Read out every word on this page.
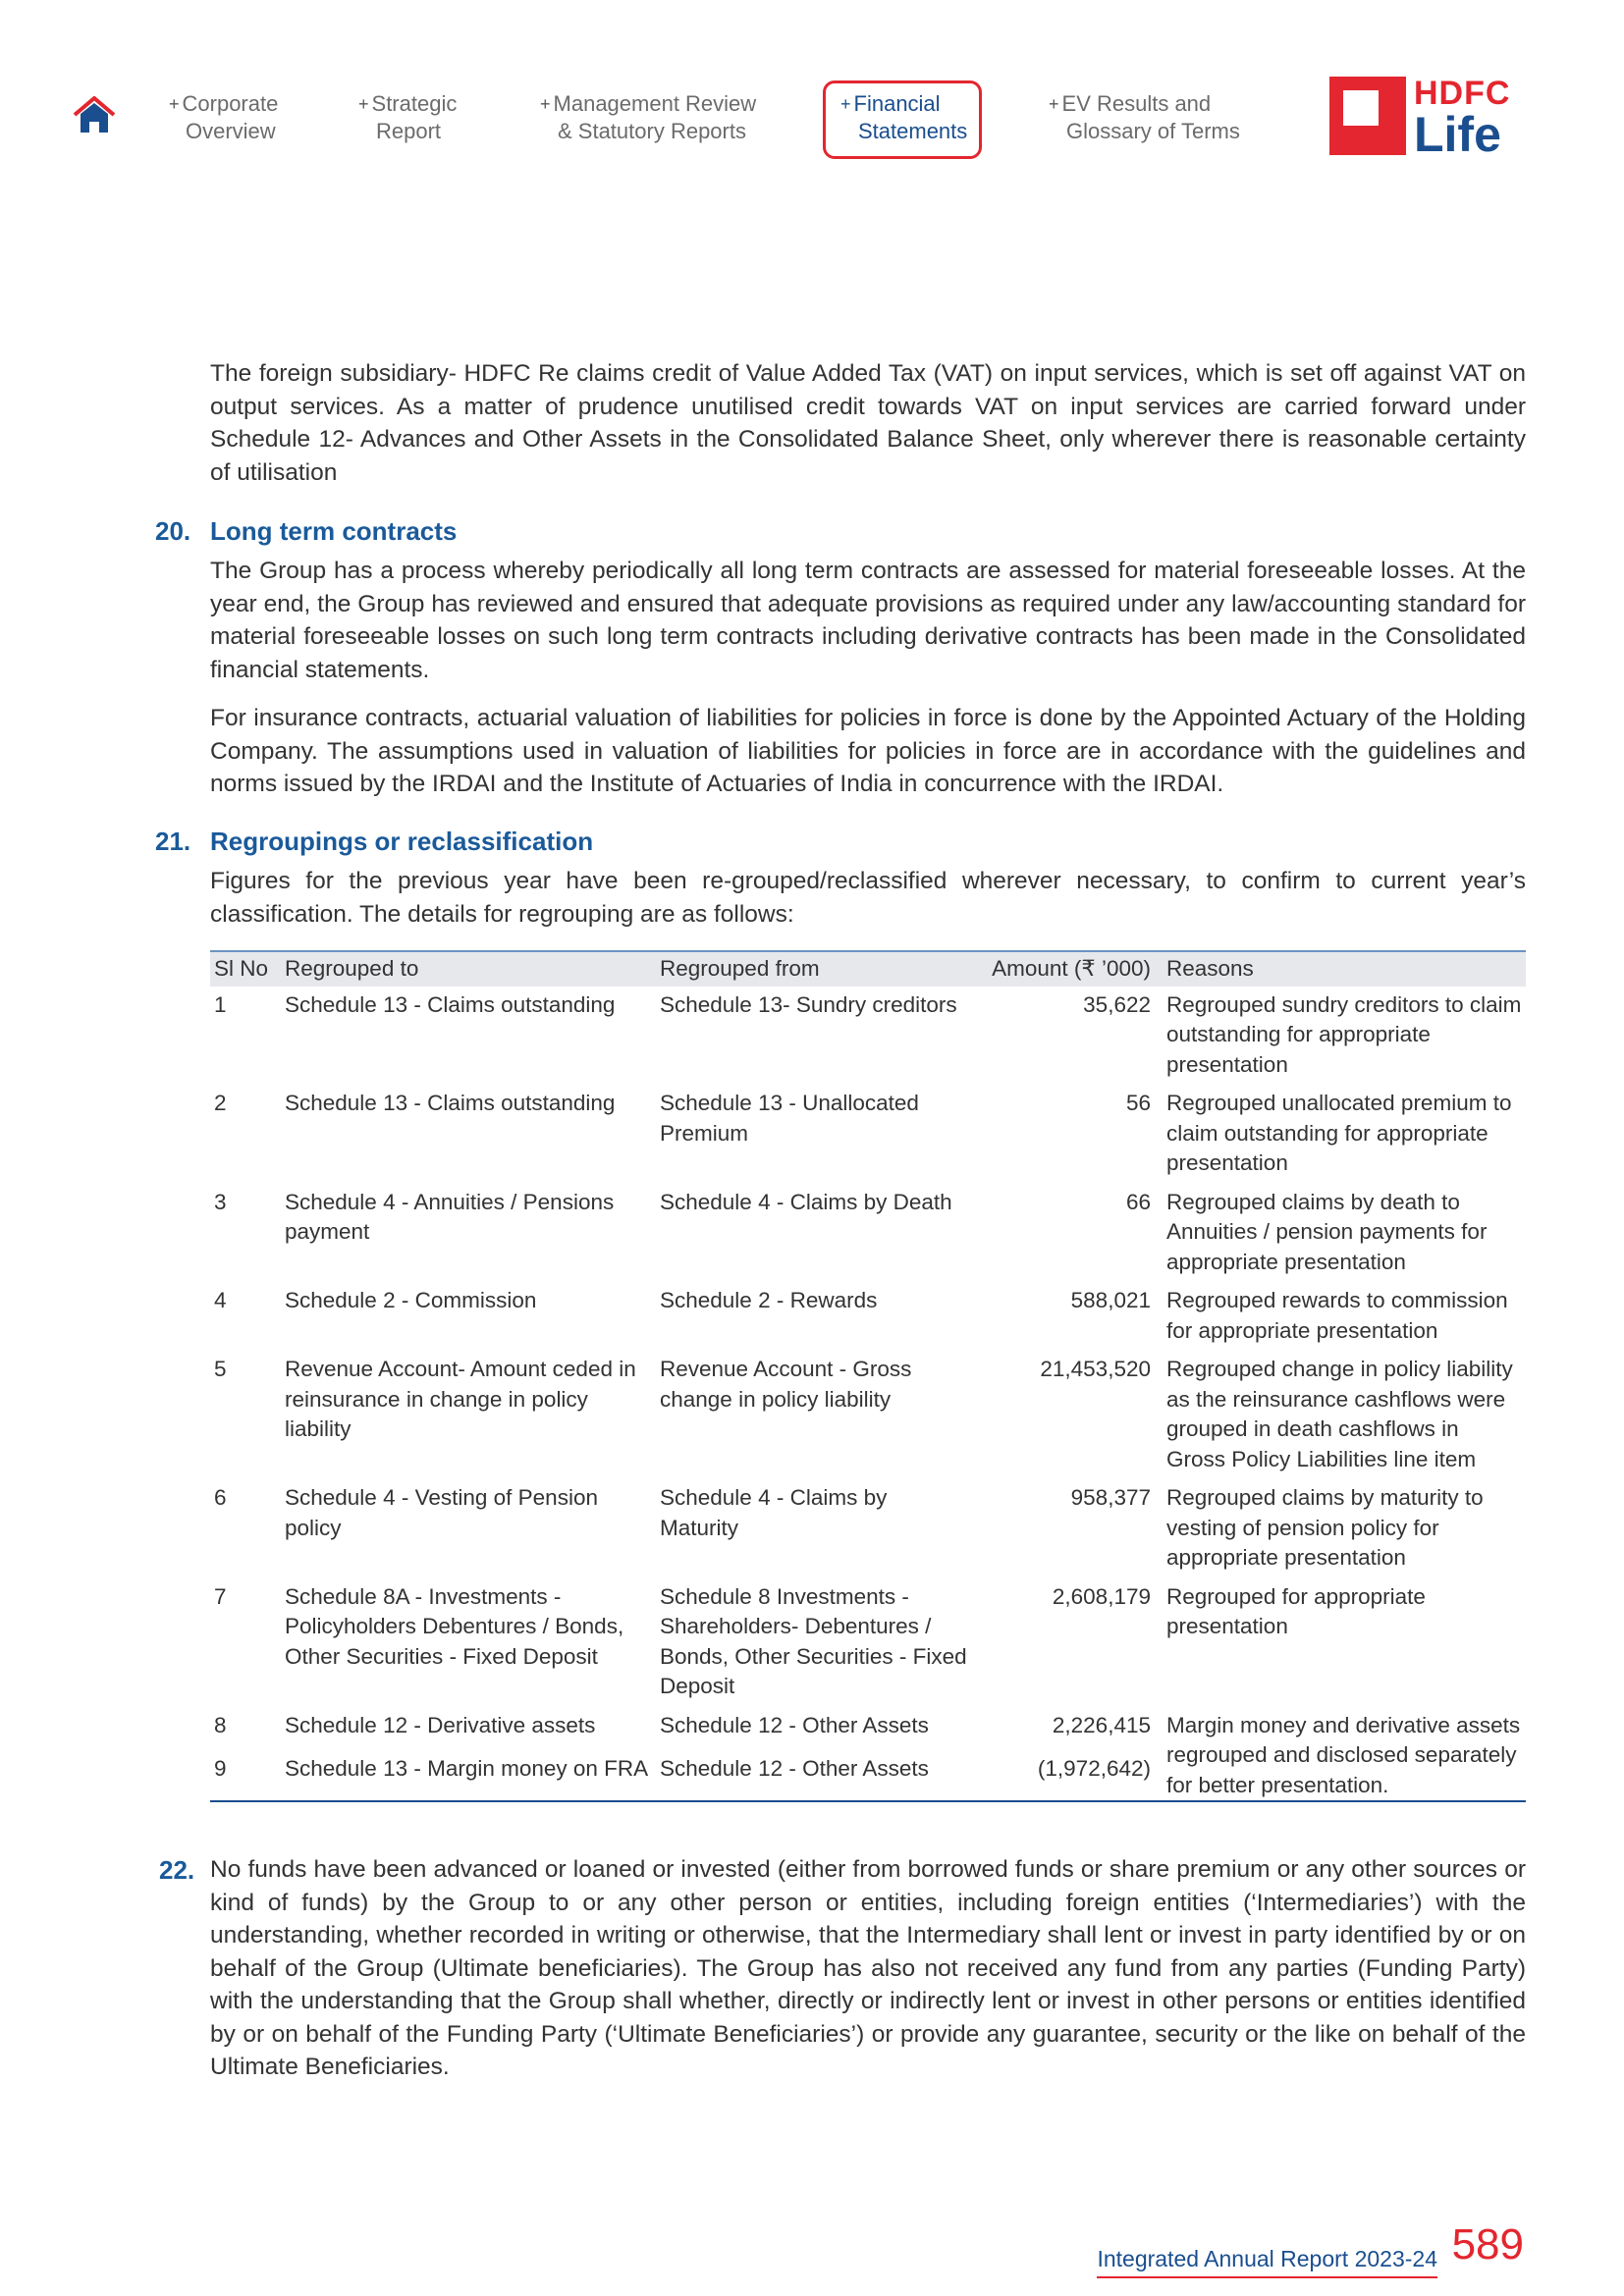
+ Corporate
Overview
+ Strategic
Report
+ Management Review
& Statutory Reports
+ Financial
Statements
+ EV Results and
Glossary of Terms
HDFC
Life

The foreign subsidiary- HDFC Re claims credit of Value Added Tax (VAT) on input services, which is set off against VAT on output services. As a matter of prudence unutilised credit towards VAT on input services are carried forward under Schedule 12- Advances and Other Assets in the Consolidated Balance Sheet, only wherever there is reasonable certainty of utilisation

20. Long term contracts

The Group has a process whereby periodically all long term contracts are assessed for material foreseeable losses. At the year end, the Group has reviewed and ensured that adequate provisions as required under any law/accounting standard for material foreseeable losses on such long term contracts including derivative contracts has been made in the Consolidated financial statements.

For insurance contracts, actuarial valuation of liabilities for policies in force is done by the Appointed Actuary of the Holding Company. The assumptions used in valuation of liabilities for policies in force are in accordance with the guidelines and norms issued by the IRDAI and the Institute of Actuaries of India in concurrence with the IRDAI.

21. Regroupings or reclassification

Figures for the previous year have been re-grouped/reclassified wherever necessary, to confirm to current year’s classification. The details for regrouping are as follows:

Sl No	Regrouped to	Regrouped from	Amount (₹ ’000)	Reasons
1	Schedule 13 - Claims outstanding	Schedule 13- Sundry creditors	35,622	Regrouped sundry creditors to claim outstanding for appropriate presentation
2	Schedule 13 - Claims outstanding	Schedule 13 - Unallocated Premium	56	Regrouped unallocated premium to claim outstanding for appropriate presentation
3	Schedule 4 - Annuities / Pensions payment	Schedule 4 - Claims by Death	66	Regrouped claims by death to Annuities / pension payments for appropriate presentation
4	Schedule 2 - Commission	Schedule 2 - Rewards	588,021	Regrouped rewards to commission for appropriate presentation
5	Revenue Account- Amount ceded in reinsurance in change in policy liability	Revenue Account - Gross change in policy liability	21,453,520	Regrouped change in policy liability as the reinsurance cashflows were grouped in death cashflows in Gross Policy Liabilities line item
6	Schedule 4 - Vesting of Pension policy	Schedule 4 - Claims by Maturity	958,377	Regrouped claims by maturity to vesting of pension policy for appropriate presentation
7	Schedule 8A - Investments - Policyholders Debentures / Bonds, Other Securities - Fixed Deposit	Schedule 8 Investments - Shareholders- Debentures / Bonds, Other Securities - Fixed Deposit	2,608,179	Regrouped for appropriate presentation
8	Schedule 12 - Derivative assets	Schedule 12 - Other Assets	2,226,415	Margin money and derivative assets regrouped and disclosed separately for better presentation.
9	Schedule 13 - Margin money on FRA	Schedule 12 - Other Assets	(1,972,642)	
22. No funds have been advanced or loaned or invested (either from borrowed funds or share premium or any other sources or kind of funds) by the Group to or any other person or entities, including foreign entities (‘Intermediaries’) with the understanding, whether recorded in writing or otherwise, that the Intermediary shall lent or invest in party identified by or on behalf of the Group (Ultimate beneficiaries). The Group has also not received any fund from any parties (Funding Party) with the understanding that the Group shall whether, directly or indirectly lent or invest in other persons or entities identified by or on behalf of the Funding Party (‘Ultimate Beneficiaries’) or provide any guarantee, security or the like on behalf of the Ultimate Beneficiaries.

Integrated Annual Report 2023-24 589
